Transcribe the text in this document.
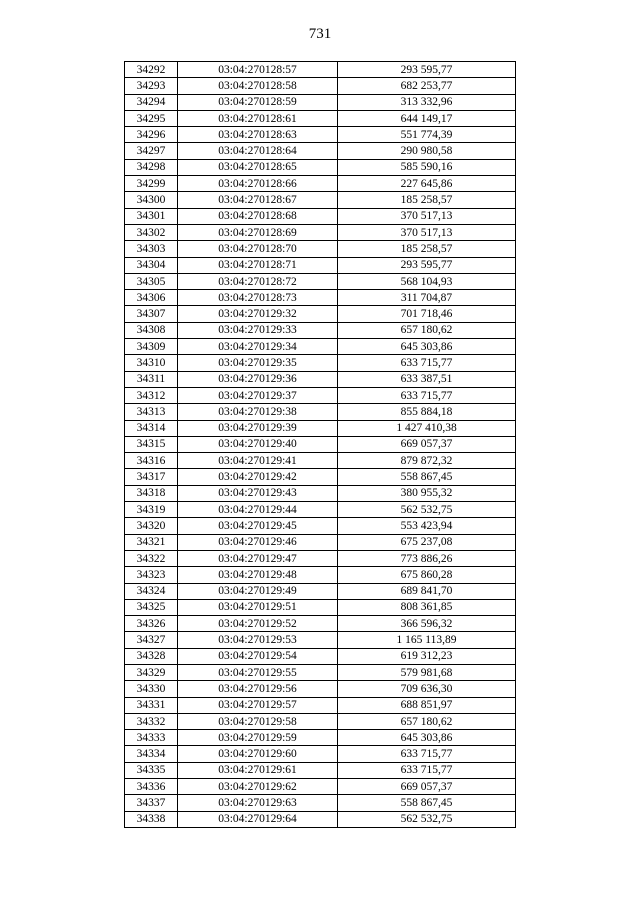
731
34292	03:04:270128:57	293 595,77
34293	03:04:270128:58	682 253,77
34294	03:04:270128:59	313 332,96
34295	03:04:270128:61	644 149,17
34296	03:04:270128:63	551 774,39
34297	03:04:270128:64	290 980,58
34298	03:04:270128:65	585 590,16
34299	03:04:270128:66	227 645,86
34300	03:04:270128:67	185 258,57
34301	03:04:270128:68	370 517,13
34302	03:04:270128:69	370 517,13
34303	03:04:270128:70	185 258,57
34304	03:04:270128:71	293 595,77
34305	03:04:270128:72	568 104,93
34306	03:04:270128:73	311 704,87
34307	03:04:270129:32	701 718,46
34308	03:04:270129:33	657 180,62
34309	03:04:270129:34	645 303,86
34310	03:04:270129:35	633 715,77
34311	03:04:270129:36	633 387,51
34312	03:04:270129:37	633 715,77
34313	03:04:270129:38	855 884,18
34314	03:04:270129:39	1 427 410,38
34315	03:04:270129:40	669 057,37
34316	03:04:270129:41	879 872,32
34317	03:04:270129:42	558 867,45
34318	03:04:270129:43	380 955,32
34319	03:04:270129:44	562 532,75
34320	03:04:270129:45	553 423,94
34321	03:04:270129:46	675 237,08
34322	03:04:270129:47	773 886,26
34323	03:04:270129:48	675 860,28
34324	03:04:270129:49	689 841,70
34325	03:04:270129:51	808 361,85
34326	03:04:270129:52	366 596,32
34327	03:04:270129:53	1 165 113,89
34328	03:04:270129:54	619 312,23
34329	03:04:270129:55	579 981,68
34330	03:04:270129:56	709 636,30
34331	03:04:270129:57	688 851,97
34332	03:04:270129:58	657 180,62
34333	03:04:270129:59	645 303,86
34334	03:04:270129:60	633 715,77
34335	03:04:270129:61	633 715,77
34336	03:04:270129:62	669 057,37
34337	03:04:270129:63	558 867,45
34338	03:04:270129:64	562 532,75
